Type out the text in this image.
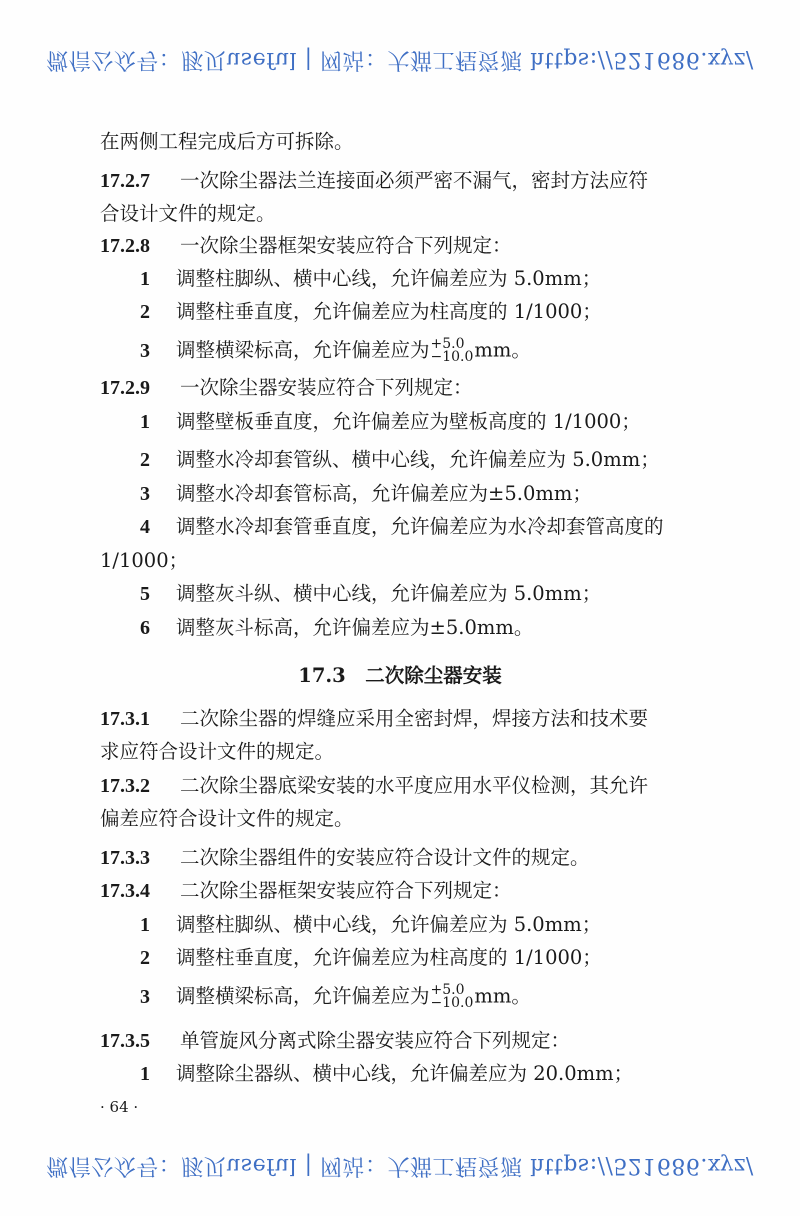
微信公众号：豚贝useful | 网站：大猫工程资源 https://521686.xyz/
在两侧工程完成后方可拆除。
17.2.7 一次除尘器法兰连接面必须严密不漏气，密封方法应符
合设计文件的规定。
17.2.8 一次除尘器框架安装应符合下列规定：
1 调整柱脚纵、横中心线，允许偏差应为 5.0mm；
2 调整柱垂直度，允许偏差应为柱高度的 1/1000；
3 调整横梁标高，允许偏差应为 +5.0
−10.0 mm。
17.2.9 一次除尘器安装应符合下列规定：
1 调整壁板垂直度，允许偏差应为壁板高度的 1/1000；
2 调整水冷却套管纵、横中心线，允许偏差应为 5.0mm；
3 调整水冷却套管标高，允许偏差应为±5.0mm；
4 调整水冷却套管垂直度，允许偏差应为水冷却套管高度的
1/1000；
5 调整灰斗纵、横中心线，允许偏差应为 5.0mm；
6 调整灰斗标高，允许偏差应为±5.0mm。
17.3　二次除尘器安装
17.3.1 二次除尘器的焊缝应采用全密封焊，焊接方法和技术要
求应符合设计文件的规定。
17.3.2 二次除尘器底梁安装的水平度应用水平仪检测，其允许
偏差应符合设计文件的规定。
17.3.3 二次除尘器组件的安装应符合设计文件的规定。
17.3.4 二次除尘器框架安装应符合下列规定：
1 调整柱脚纵、横中心线，允许偏差应为 5.0mm；
2 调整柱垂直度，允许偏差应为柱高度的 1/1000；
3 调整横梁标高，允许偏差应为 +5.0
−10.0 mm。
17.3.5 单管旋风分离式除尘器安装应符合下列规定：
1 调整除尘器纵、横中心线，允许偏差应为 20.0mm；
· 64 ·
微信公众号：豚贝useful | 网站：大猫工程资源 https://521686.xyz/
